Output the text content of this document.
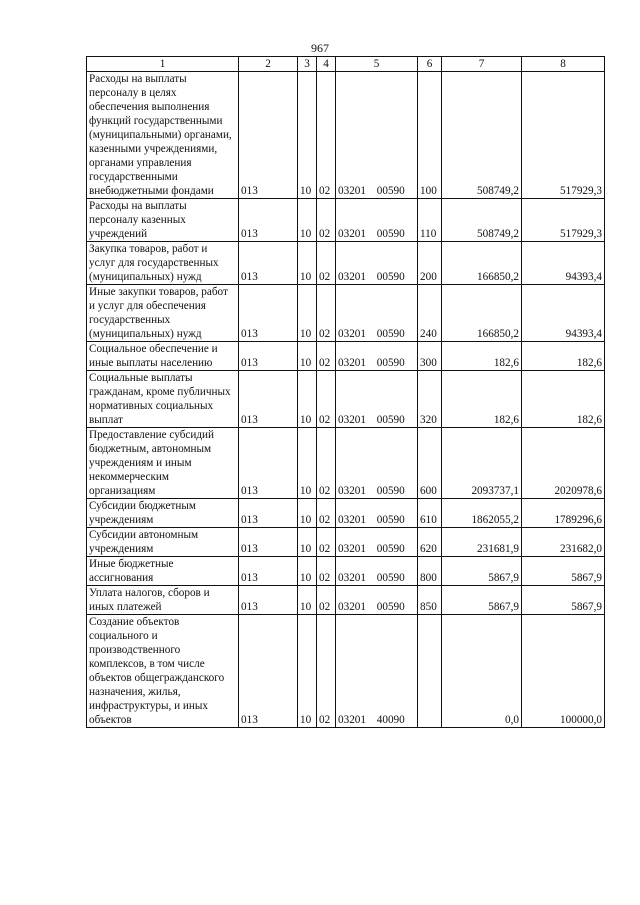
967
1	2	3	4	5	6	7	8
Расходы на выплаты персоналу в целях обеспечения выполнения функций государственными (муниципальными) органами, казенными учреждениями, органами управления государственными внебюджетными фондами	013	10	02	03201 00590	100	508749,2	517929,3
Расходы на выплаты персоналу казенных учреждений	013	10	02	03201 00590	110	508749,2	517929,3
Закупка товаров, работ и услуг для государственных (муниципальных) нужд	013	10	02	03201 00590	200	166850,2	94393,4
Иные закупки товаров, работ и услуг для обеспечения государственных (муниципальных) нужд	013	10	02	03201 00590	240	166850,2	94393,4
Социальное обеспечение и иные выплаты населению	013	10	02	03201 00590	300	182,6	182,6
Социальные выплаты гражданам, кроме публичных нормативных социальных выплат	013	10	02	03201 00590	320	182,6	182,6
Предоставление субсидий бюджетным, автономным учреждениям и иным некоммерческим организациям	013	10	02	03201 00590	600	2093737,1	2020978,6
Субсидии бюджетным учреждениям	013	10	02	03201 00590	610	1862055,2	1789296,6
Субсидии автономным учреждениям	013	10	02	03201 00590	620	231681,9	231682,0
Иные бюджетные ассигнования	013	10	02	03201 00590	800	5867,9	5867,9
Уплата налогов, сборов и иных платежей	013	10	02	03201 00590	850	5867,9	5867,9
Создание объектов социального и производственного комплексов, в том числе объектов общегражданского назначения, жилья, инфраструктуры, и иных объектов	013	10	02	03201 40090		0,0	100000,0
